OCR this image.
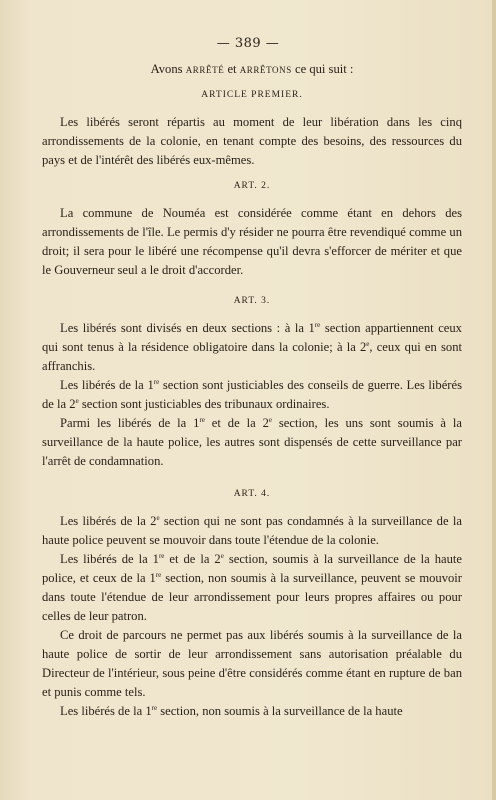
— 389 —

Avons arrêté et arrêtons ce qui suit :

ARTICLE PREMIER.

Les libérés seront répartis au moment de leur libération dans les cinq arrondissements de la colonie, en tenant compte des besoins, des ressources du pays et de l'intérêt des libérés eux-mêmes.

ART. 2.

La commune de Nouméa est considérée comme étant en dehors des arrondissements de l'île. Le permis d'y résider ne pourra être revendiqué comme un droit; il sera pour le libéré une récompense qu'il devra s'efforcer de mériter et que le Gouverneur seul a le droit d'accorder.

ART. 3.

Les libérés sont divisés en deux sections : à la 1re section appartiennent ceux qui sont tenus à la résidence obligatoire dans la colonie; à la 2e, ceux qui en sont affranchis.

Les libérés de la 1re section sont justiciables des conseils de guerre. Les libérés de la 2e section sont justiciables des tribunaux ordinaires.

Parmi les libérés de la 1re et de la 2e section, les uns sont soumis à la surveillance de la haute police, les autres sont dispensés de cette surveillance par l'arrêt de condamnation.

ART. 4.

Les libérés de la 2e section qui ne sont pas condamnés à la surveillance de la haute police peuvent se mouvoir dans toute l'étendue de la colonie.

Les libérés de la 1re et de la 2e section, soumis à la surveillance de la haute police, et ceux de la 1re section, non soumis à la surveillance, peuvent se mouvoir dans toute l'étendue de leur arrondissement pour leurs propres affaires ou pour celles de leur patron.

Ce droit de parcours ne permet pas aux libérés soumis à la surveillance de la haute police de sortir de leur arrondissement sans autorisation préalable du Directeur de l'intérieur, sous peine d'être considérés comme étant en rupture de ban et punis comme tels.

Les libérés de la 1re section, non soumis à la surveillance de la haute
